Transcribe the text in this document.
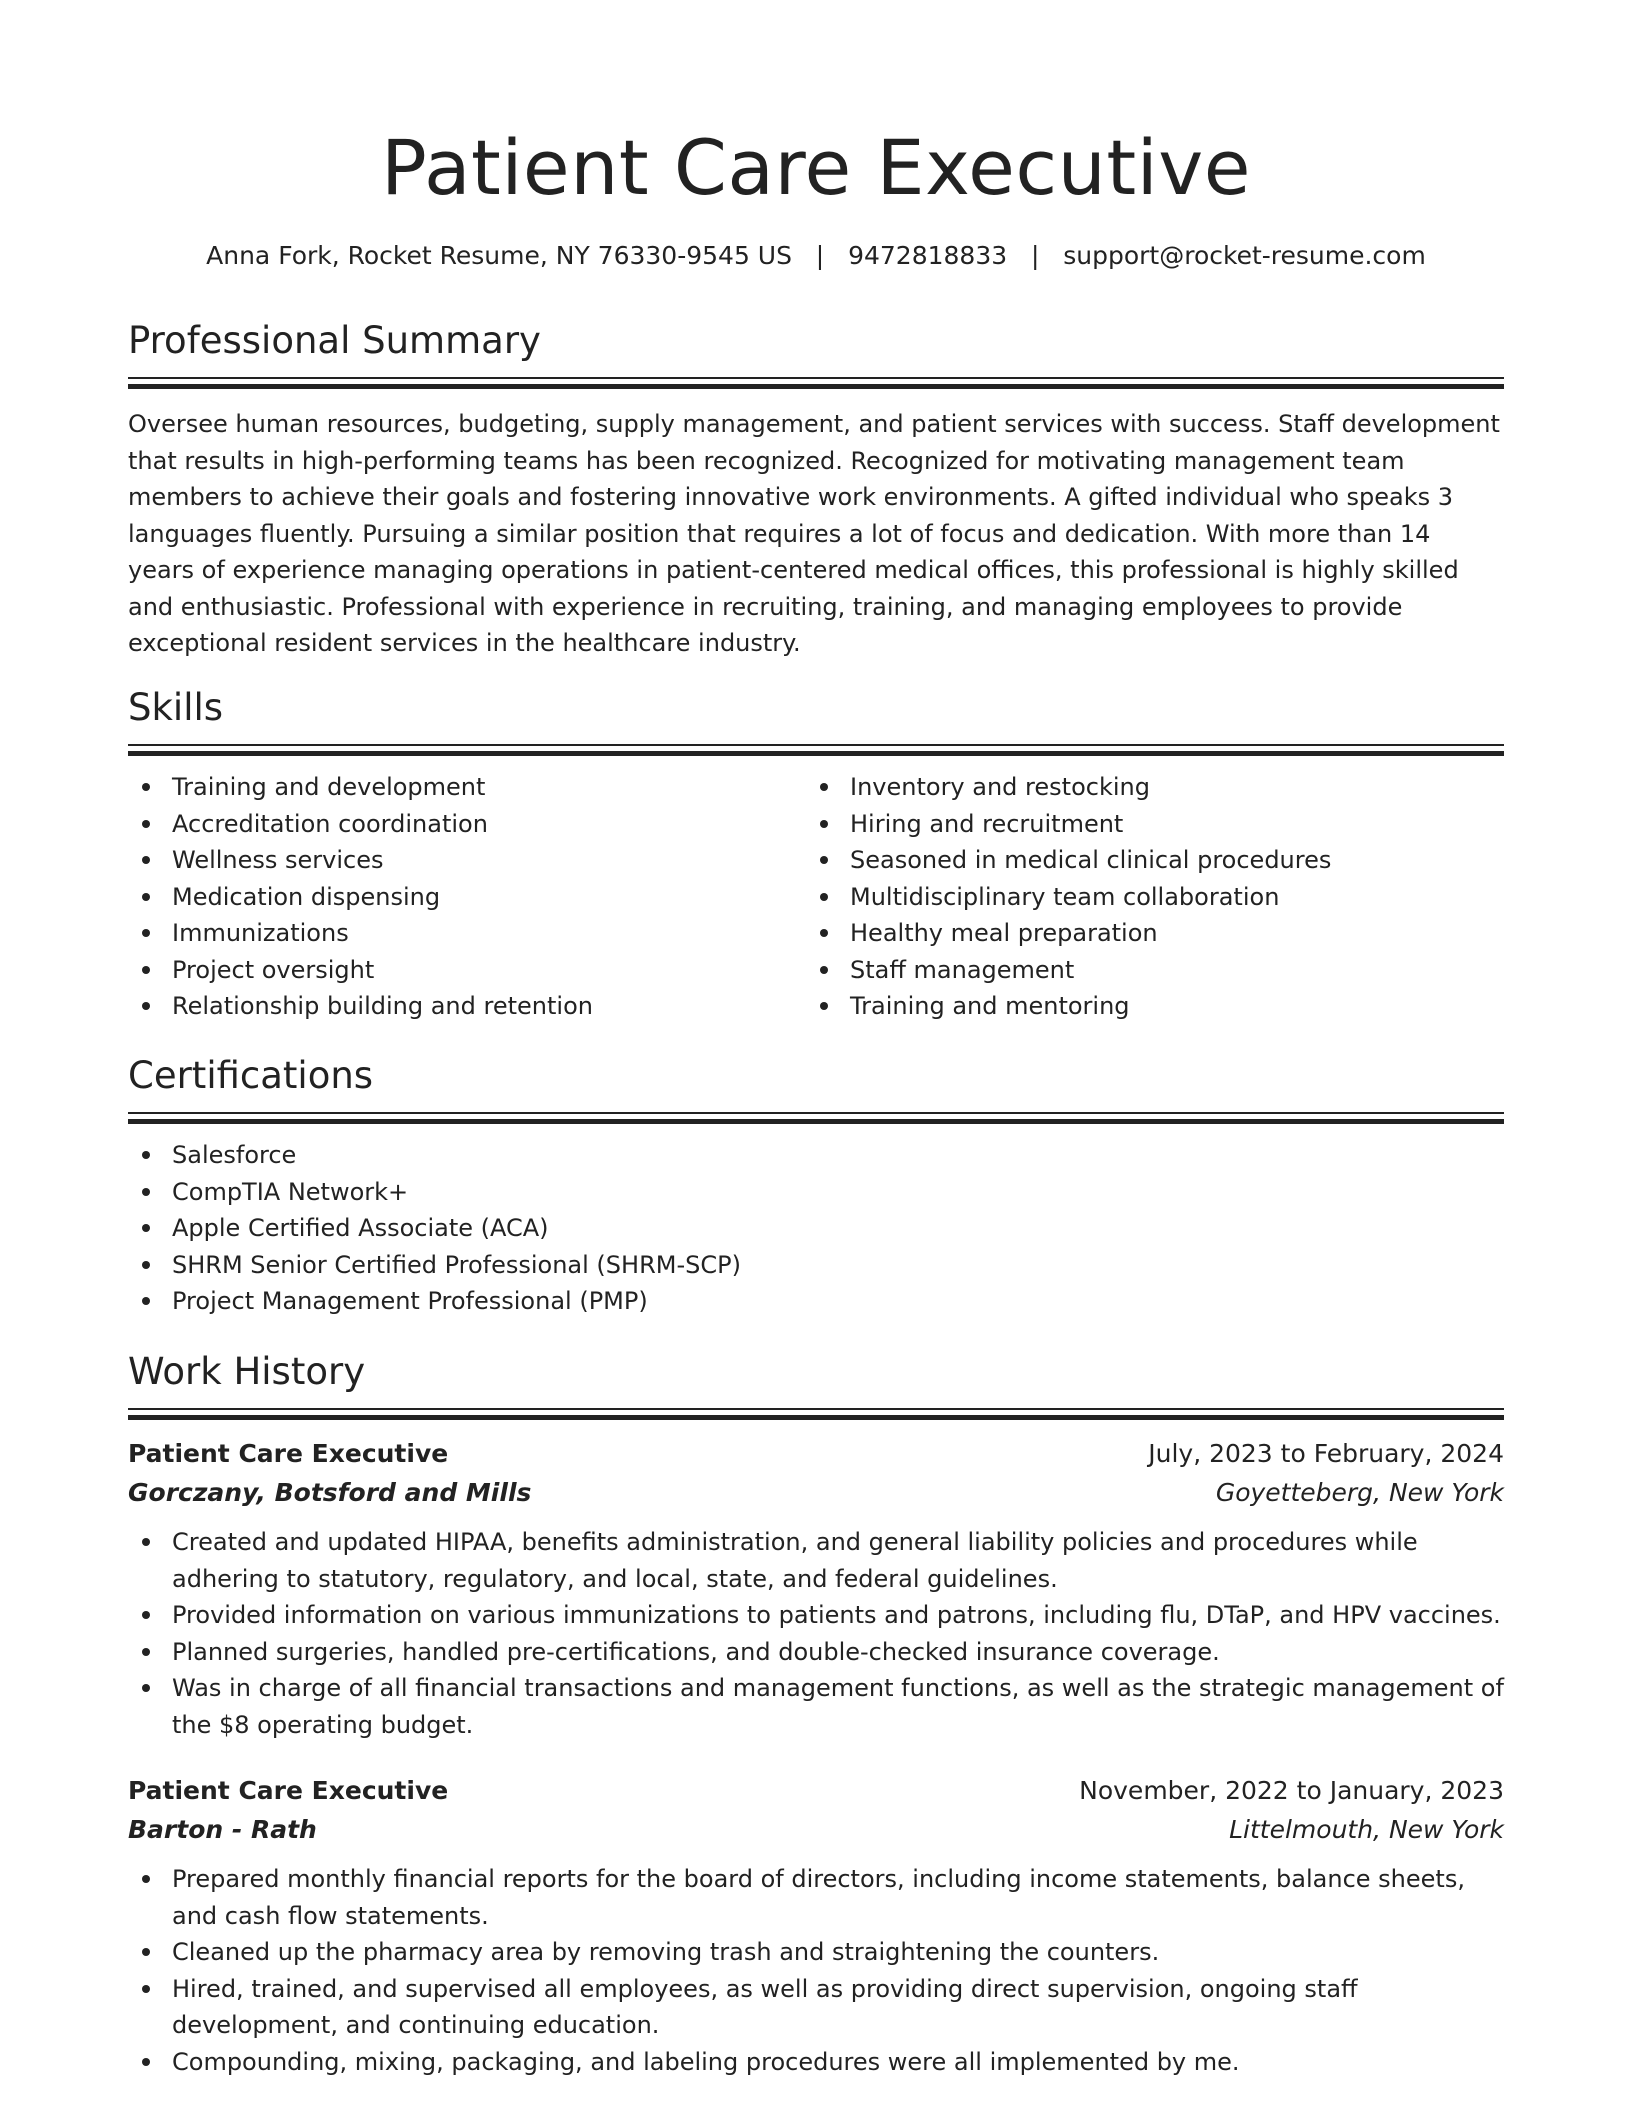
Patient Care Executive
Anna Fork, Rocket Resume, NY 76330-9545 US   |   9472818833   |   support@rocket-resume.com
Professional Summary

Oversee human resources, budgeting, supply management, and patient services with success. Staff development that results in high-performing teams has been recognized. Recognized for motivating management team members to achieve their goals and fostering innovative work environments. A gifted individual who speaks 3 languages fluently. Pursuing a similar position that requires a lot of focus and dedication. With more than 14 years of experience managing operations in patient-centered medical offices, this professional is highly skilled and enthusiastic. Professional with experience in recruiting, training, and managing employees to provide exceptional resident services in the healthcare industry.

Skills
Training and development
Accreditation coordination
Wellness services
Medication dispensing
Immunizations
Project oversight
Relationship building and retention
Inventory and restocking
Hiring and recruitment
Seasoned in medical clinical procedures
Multidisciplinary team collaboration
Healthy meal preparation
Staff management
Training and mentoring
Certifications
Salesforce
CompTIA Network+
Apple Certified Associate (ACA)
SHRM Senior Certified Professional (SHRM-SCP)
Project Management Professional (PMP)
Work History
Patient Care Executive	July, 2023 to February, 2024
Gorczany, Botsford and Mills	Goyetteberg, New York
Created and updated HIPAA, benefits administration, and general liability policies and procedures while adhering to statutory, regulatory, and local, state, and federal guidelines.
Provided information on various immunizations to patients and patrons, including flu, DTaP, and HPV vaccines.
Planned surgeries, handled pre-certifications, and double-checked insurance coverage.
Was in charge of all financial transactions and management functions, as well as the strategic management of the $8 operating budget.
Patient Care Executive	November, 2022 to January, 2023
Barton - Rath	Littelmouth, New York
Prepared monthly financial reports for the board of directors, including income statements, balance sheets, and cash flow statements.
Cleaned up the pharmacy area by removing trash and straightening the counters.
Hired, trained, and supervised all employees, as well as providing direct supervision, ongoing staff development, and continuing education.
Compounding, mixing, packaging, and labeling procedures were all implemented by me.
